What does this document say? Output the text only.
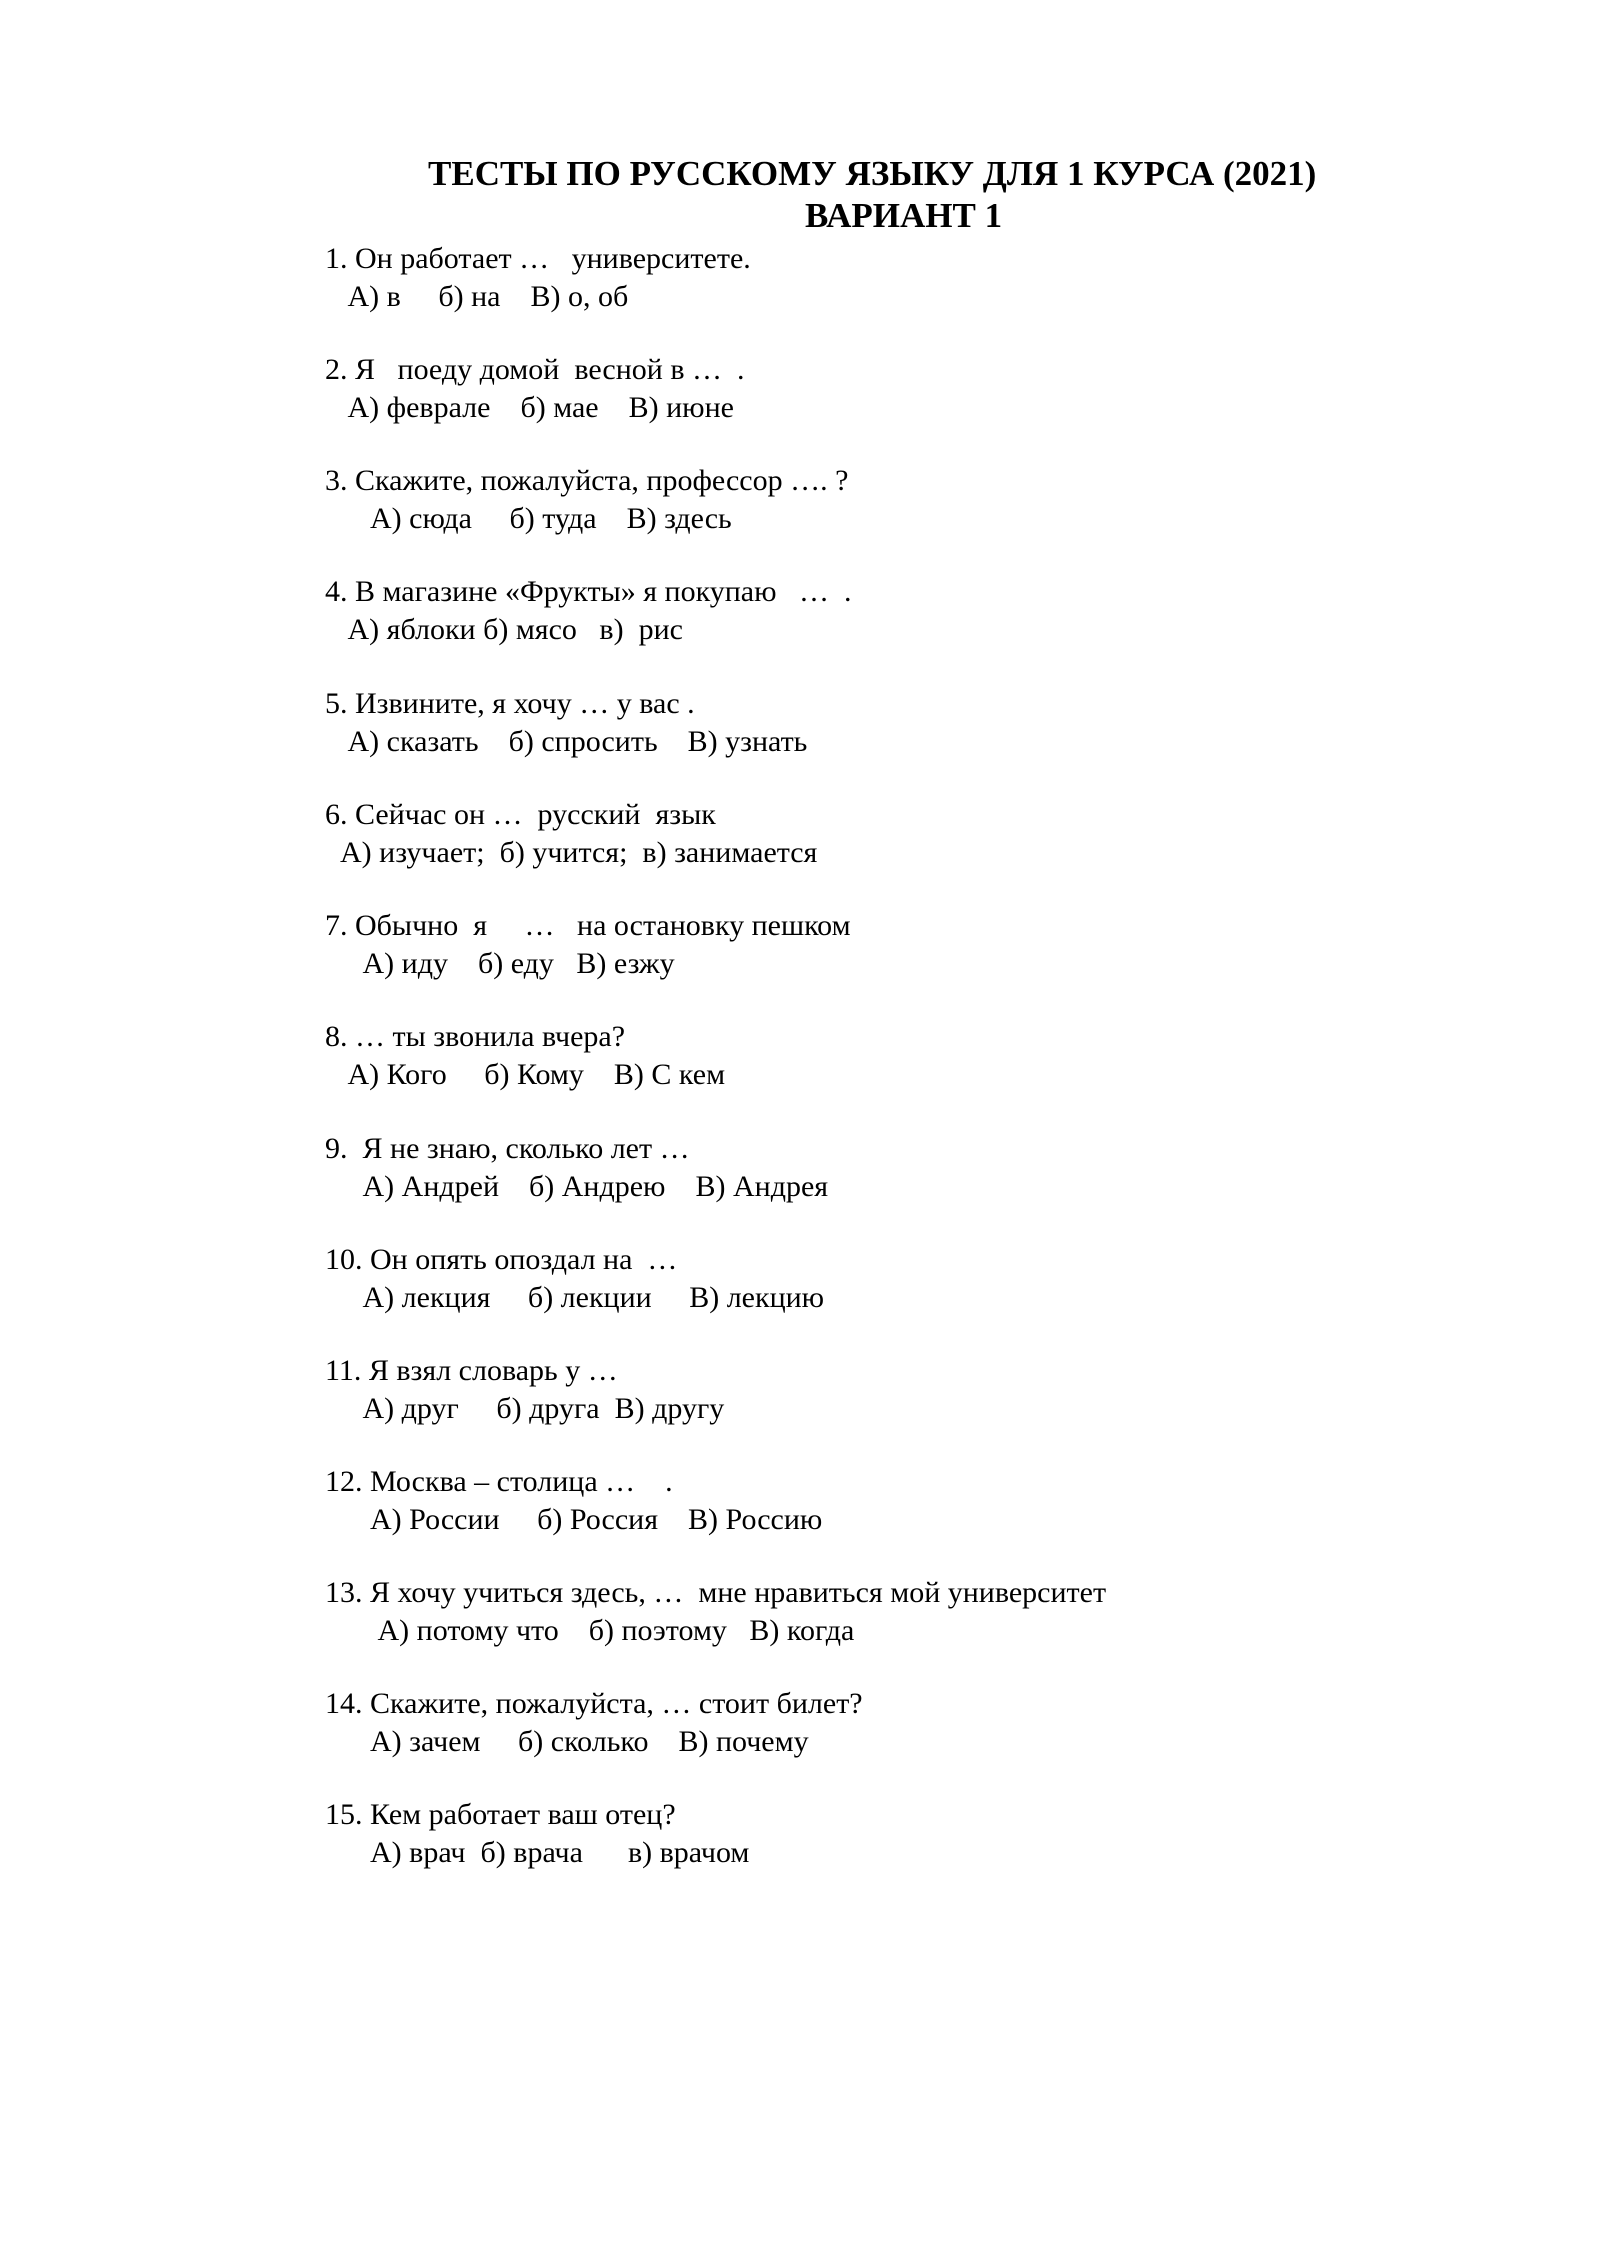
ТЕСТЫ ПО РУССКОМУ ЯЗЫКУ ДЛЯ 1 КУРСА (2021)
ВАРИАНТ 1
1. Он работает …   университете.
А) в     б) на    В) о, об
2. Я   поеду домой  весной в …  .
А) феврале    б) мае    В) июне
3. Скажите, пожалуйста, профессор …. ?
А) сюда     б) туда    В) здесь
4. В магазине «Фрукты» я покупаю   …  .
А) яблоки б) мясо   в)  рис
5. Извините, я хочу … у вас .
А) сказать    б) спросить    В) узнать
6. Сейчас он …  русский  язык
А) изучает;  б) учится;  в) занимается
7. Обычно  я     …   на остановку пешком
А) иду    б) еду   В) езжу
8. … ты звонила вчера?
А) Кого     б) Кому    В) С кем
9.  Я не знаю, сколько лет …
А) Андрей    б) Андрею    В) Андрея
10. Он опять опоздал на  …
А) лекция     б) лекции     В) лекцию
11. Я взял словарь у …
А) друг     б) друга  В) другу
12. Москва – столица …    .
А) России     б) Россия    В) Россию
13. Я хочу учиться здесь, …  мне нравиться мой университет
А) потому что    б) поэтому   В) когда
14. Скажите, пожалуйста, … стоит билет?
А) зачем     б) сколько    В) почему
15. Кем работает ваш отец?
А) врач  б) врача      в) врачом
